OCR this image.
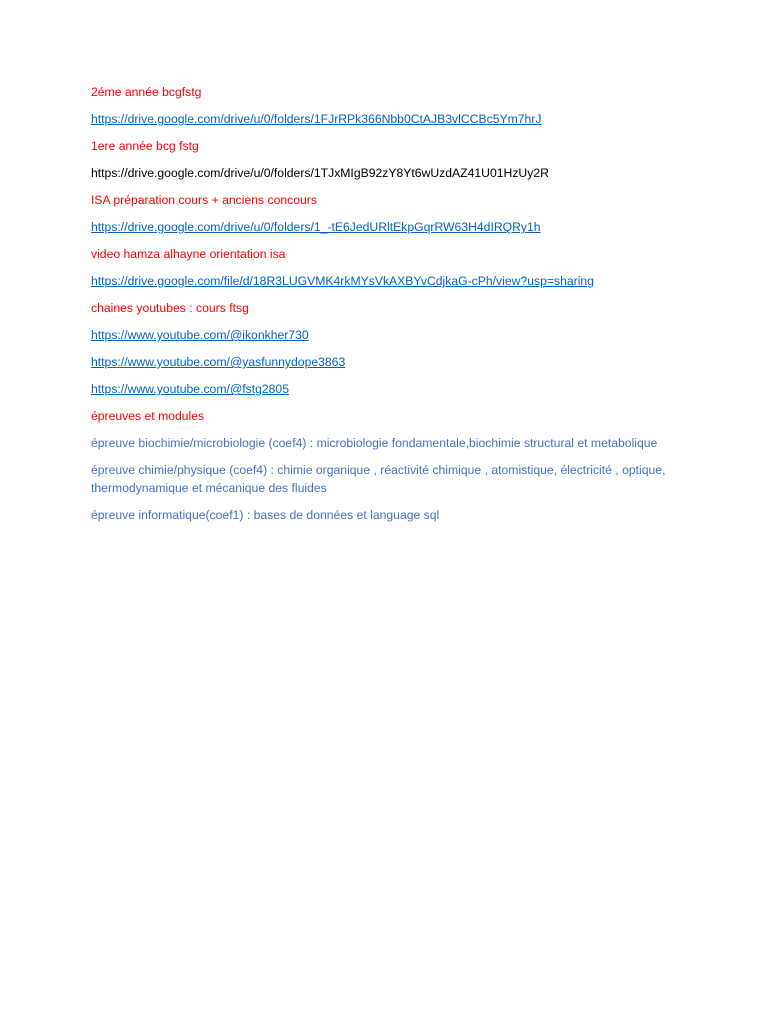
2éme année bcgfstg

https://drive.google.com/drive/u/0/folders/1FJrRPk366Nbb0CtAJB3vlCCBc5Ym7hrJ

1ere année bcg fstg

https://drive.google.com/drive/u/0/folders/1TJxMIgB92zY8Yt6wUzdAZ41U01HzUy2R

ISA préparation cours + anciens concours

https://drive.google.com/drive/u/0/folders/1_-tE6JedURltEkpGqrRW63H4dIRQRy1h

video hamza alhayne orientation isa

https://drive.google.com/file/d/18R3LUGVMK4rkMYsVkAXBYvCdjkaG-cPh/view?usp=sharing

chaines youtubes : cours ftsg

https://www.youtube.com/@ikonkher730

https://www.youtube.com/@yasfunnydope3863

https://www.youtube.com/@fstg2805

épreuves et modules

épreuve biochimie/microbiologie (coef4) : microbiologie fondamentale,biochimie structural et metabolique

épreuve chimie/physique (coef4) : chimie organique , réactivité chimique , atomistique, électricité , optique, thermodynamique et mécanique des fluides

épreuve informatique(coef1) : bases de données et language sql
